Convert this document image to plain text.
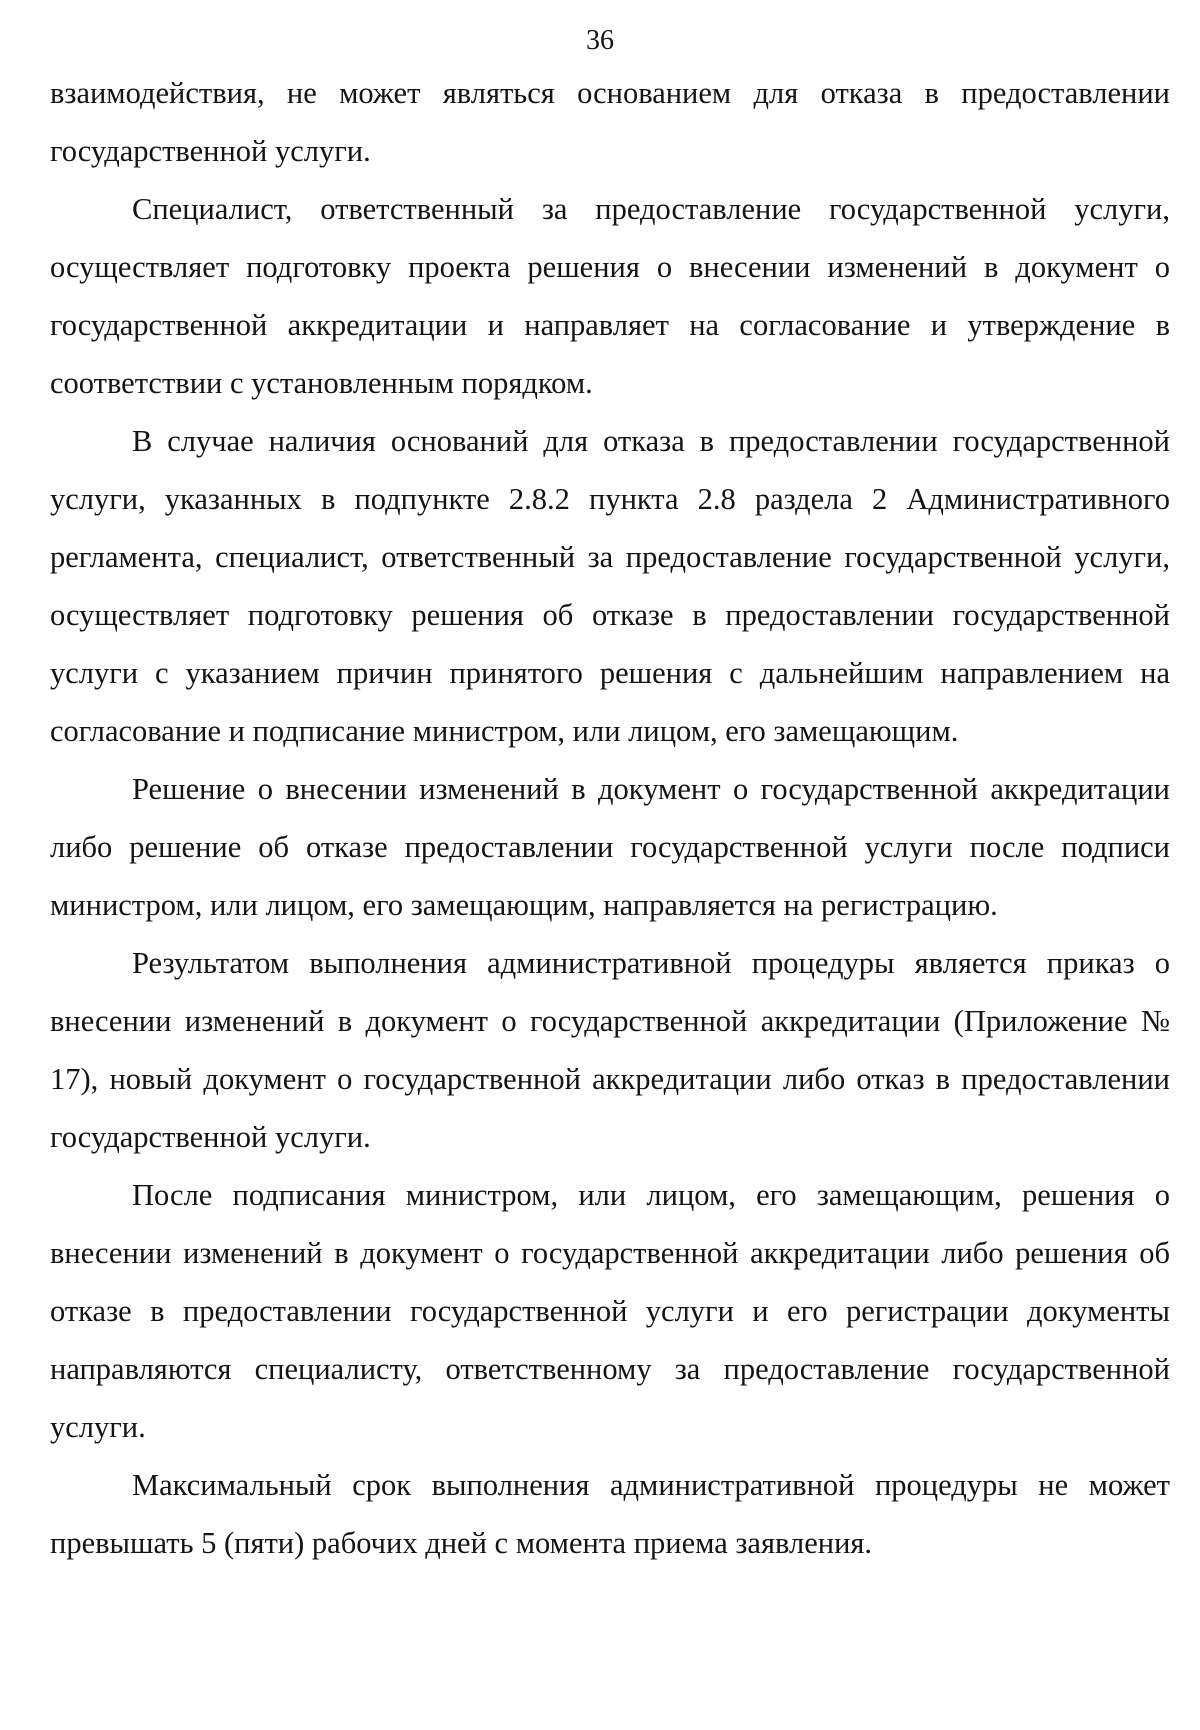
36

взаимодействия, не может являться основанием для отказа в предоставлении государственной услуги.

Специалист, ответственный за предоставление государственной услуги, осуществляет подготовку проекта решения о внесении изменений в документ о государственной аккредитации и направляет на согласование и утверждение в соответствии с установленным порядком.

В случае наличия оснований для отказа в предоставлении государственной услуги, указанных в подпункте 2.8.2 пункта 2.8 раздела 2 Административного регламента, специалист, ответственный за предоставление государственной услуги, осуществляет подготовку решения об отказе в предоставлении государственной услуги с указанием причин принятого решения с дальнейшим направлением на согласование и подписание министром, или лицом, его замещающим.

Решение о внесении изменений в документ о государственной аккредитации либо решение об отказе предоставлении государственной услуги после подписи министром, или лицом, его замещающим, направляется на регистрацию.

Результатом выполнения административной процедуры является приказ о внесении изменений в документ о государственной аккредитации (Приложение № 17), новый документ о государственной аккредитации либо отказ в предоставлении государственной услуги.

После подписания министром, или лицом, его замещающим, решения о внесении изменений в документ о государственной аккредитации либо решения об отказе в предоставлении государственной услуги и его регистрации документы направляются специалисту, ответственному за предоставление государственной услуги.

Максимальный срок выполнения административной процедуры не может превышать 5 (пяти) рабочих дней с момента приема заявления.
